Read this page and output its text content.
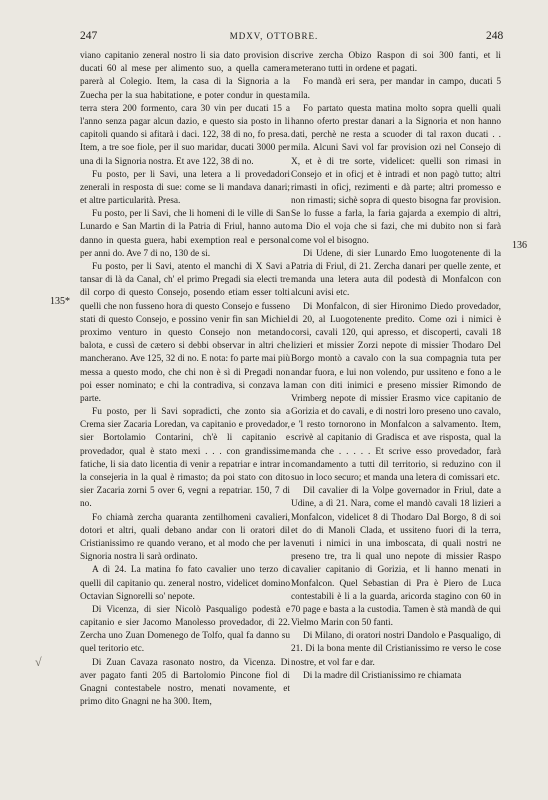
247	MDXV, OTTOBRE.	248
135*
136
√

viano capitanio zeneral nostro li sia dato provision di ducati 60 al mese per alimento suo, a quella camera parerà al Colegio. Item, la casa di la Signoria a la Zuecha per la sua habitatione, e poter condur in questa terra stera 200 formento, cara 30 vin per ducati 15 a l'anno senza pagar alcun dazio, e questo sia posto in li capitoli quando si afitarà i daci. 122, 38 di no, fo presa. Item, a tre soe fiole, per il suo maridar, ducati 3000 per una di la Signoria nostra. Et ave 122, 38 di no.

Fu posto, per li Savi, una letera a li provedadori zenerali in resposta di sue: come se li mandava danari; et altre particularità. Presa.

Fu posto, per li Savi, che li homeni di le ville di San Lunardo e San Martin di la Patria di Friul, hanno auto danno in questa guera, habi exemption real e personal per anni do. Ave 7 di no, 130 de si.

Fu posto, per li Savi, atento el manchi di X Savi a tansar di là da Canal, ch' el primo Pregadi sia electi tre dil corpo di questo Consejo, posendo etiam esser tolti quelli che non fusseno hora di questo Consejo e fusseno stati di questo Consejo, e possino venir fin san Michiel proximo venturo in questo Consejo non metando balota, e cussì de cætero si debbi observar in altri che mancherano. Ave 125, 32 di no. E nota: fo parte mai più messa a questo modo, che chi non è sì di Pregadi non poi esser nominato; e chi la contradiva, si conzava la parte.

Fu posto, per li Savi sopradicti, che zonto sia a Crema sier Zacaria Loredan, va capitanio e provedador, sier Bortolamio Contarini, ch'è li capitanio e provedador, qual è stato mexi . . . con grandissime fatiche, li sia dato licentia di venir a repatriar e intrar in la consejeria in la qual è rimasto; da poi stato con dito sier Zacaria zorni 5 over 6, vegni a repatriar. 150, 7 di no.

Fo chiamà zercha quaranta zentilhomeni cavalieri, dotori et altri, quali debano andar con li oratori dil Cristianissimo re quando verano, et al modo che per la Signoria nostra li sarà ordinato.

A dì 24. La matina fo fato cavalier uno terzo di quelli dil capitanio qu. zeneral nostro, videlicet domino Octavian Signorelli so' nepote.

Di Vicenza, di sier Nicolò Pasqualigo podestà e capitanio e sier Jacomo Manolesso provedador, di 22. Zercha uno Zuan Domenego de Tolfo, qual fa danno su quel teritorio etc.

Di Zuan Cavaza rasonato nostro, da Vicenza. Di aver pagato fanti 205 di Bartolomio Pincone fiol di Gnagni contestabele nostro, menati novamente, et primo dito Gnagni ne ha 300. Item,

scrive zercha Obizo Raspon di soi 300 fanti, et li meterano tutti in ordene et pagati.

Fo mandà eri sera, per mandar in campo, ducati 5 mila.

Fo partato questa matina molto sopra quelli quali hanno oferto prestar danari a la Signoria et non hanno dati, perchè ne resta a scuoder di tal raxon ducati . . mila. Alcuni Savi vol far provision ozi nel Consejo di X, et è di tre sorte, videlicet: quelli son rimasi in Consejo et in oficj et è intradi et non pagò tutto; altri rimasti in oficj, rezimenti e dà parte; altri promesso e non rimasti; sichè sopra di questo bisogna far provision. Se lo fusse a farla, la faria gajarda a exempio di altri, ma Dio el voja che si fazi, che mi dubito non si farà come vol el bisogno.

Di Udene, di sier Lunardo Emo luogotenente di la Patria di Friul, di 21. Zercha danari per quelle zente, et manda una letera auta dil podestà di Monfalcon con alcuni avisi etc.

Di Monfalcon, di sier Hironimo Diedo provedador, di 20, al Luogotenente predito. Come ozi i nimici è corsi, cavali 120, qui apresso, et discoperti, cavali 18 lizieri et missier Zorzi nepote di missier Thodaro Del Borgo montò a cavalo con la sua compagnia tuta per andar fuora, e lui non volendo, pur ussiteno e fono a le man con diti inimici e preseno missier Rimondo de Vrimberg nepote di missier Erasmo vice capitanio de Gorizia et do cavali, e di nostri loro preseno uno cavalo, e 'l resto tornorono in Monfalcon a salvamento. Item, scrivè al capitanio di Gradisca et ave risposta, qual la manda che . . . . . Et scrive esso provedador, farà comandamento a tutti dil territorio, si reduzino con il suo in loco securo; et manda una letera di comissari etc.

Dil cavalier di la Volpe governador in Friul, date a Udine, a dì 21. Nara, come el mandò cavali 18 lizieri a Monfalcon, videlicet 8 di Thodaro Dal Borgo, 8 di soi et do di Manoli Clada, et ussiteno fuori di la terra, venuti i nimici in una imboscata, di quali nostri ne preseno tre, tra li qual uno nepote di missier Raspo cavalier capitanio di Gorizia, et li hanno menati in Monfalcon. Quel Sebastian di Pra è Piero de Luca contestabili è li a la guarda, aricorda stagino con 60 in 70 page e basta a la custodia. Tamen è stà mandà de qui Vielmo Marin con 50 fanti.

Di Milano, di oratori nostri Dandolo e Pasqualigo, di 21. Di la bona mente dil Cristianissimo re verso le cose nostre, et vol far e dar.

Di la madre dil Cristianissimo re chiamata
